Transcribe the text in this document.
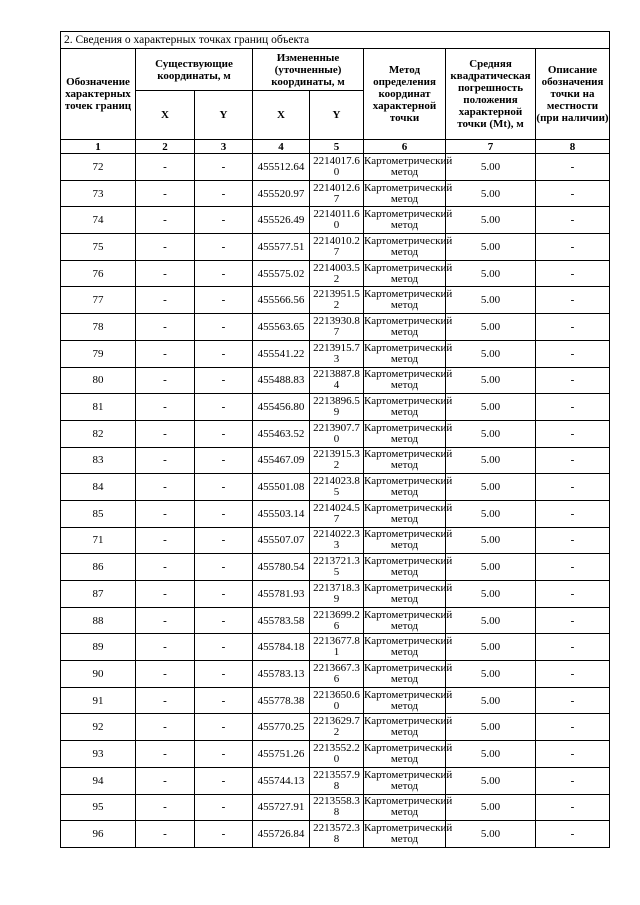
2. Сведения о характерных точках границ объекта							
Обозначение характерных точек границ	Существующие координаты, м		Измененные (уточненные) координаты, м		Метод определения координат характерной точки	Средняя квадратическая погрешность положения характерной точки (Mt), м	Описание обозначения точки на местности (при наличии)
	X	Y	X	Y			
1	2	3	4	5	6	7	8
72	-	-	455512.64	2214017.60	Картометрический метод	5.00	-
73	-	-	455520.97	2214012.67	Картометрический метод	5.00	-
74	-	-	455526.49	2214011.60	Картометрический метод	5.00	-
75	-	-	455577.51	2214010.27	Картометрический метод	5.00	-
76	-	-	455575.02	2214003.52	Картометрический метод	5.00	-
77	-	-	455566.56	2213951.52	Картометрический метод	5.00	-
78	-	-	455563.65	2213930.87	Картометрический метод	5.00	-
79	-	-	455541.22	2213915.73	Картометрический метод	5.00	-
80	-	-	455488.83	2213887.84	Картометрический метод	5.00	-
81	-	-	455456.80	2213896.59	Картометрический метод	5.00	-
82	-	-	455463.52	2213907.70	Картометрический метод	5.00	-
83	-	-	455467.09	2213915.32	Картометрический метод	5.00	-
84	-	-	455501.08	2214023.85	Картометрический метод	5.00	-
85	-	-	455503.14	2214024.57	Картометрический метод	5.00	-
71	-	-	455507.07	2214022.33	Картометрический метод	5.00	-
86	-	-	455780.54	2213721.35	Картометрический метод	5.00	-
87	-	-	455781.93	2213718.39	Картометрический метод	5.00	-
88	-	-	455783.58	2213699.26	Картометрический метод	5.00	-
89	-	-	455784.18	2213677.81	Картометрический метод	5.00	-
90	-	-	455783.13	2213667.36	Картометрический метод	5.00	-
91	-	-	455778.38	2213650.60	Картометрический метод	5.00	-
92	-	-	455770.25	2213629.72	Картометрический метод	5.00	-
93	-	-	455751.26	2213552.20	Картометрический метод	5.00	-
94	-	-	455744.13	2213557.98	Картометрический метод	5.00	-
95	-	-	455727.91	2213558.38	Картометрический метод	5.00	-
96	-	-	455726.84	2213572.38	Картометрический метод	5.00	-
